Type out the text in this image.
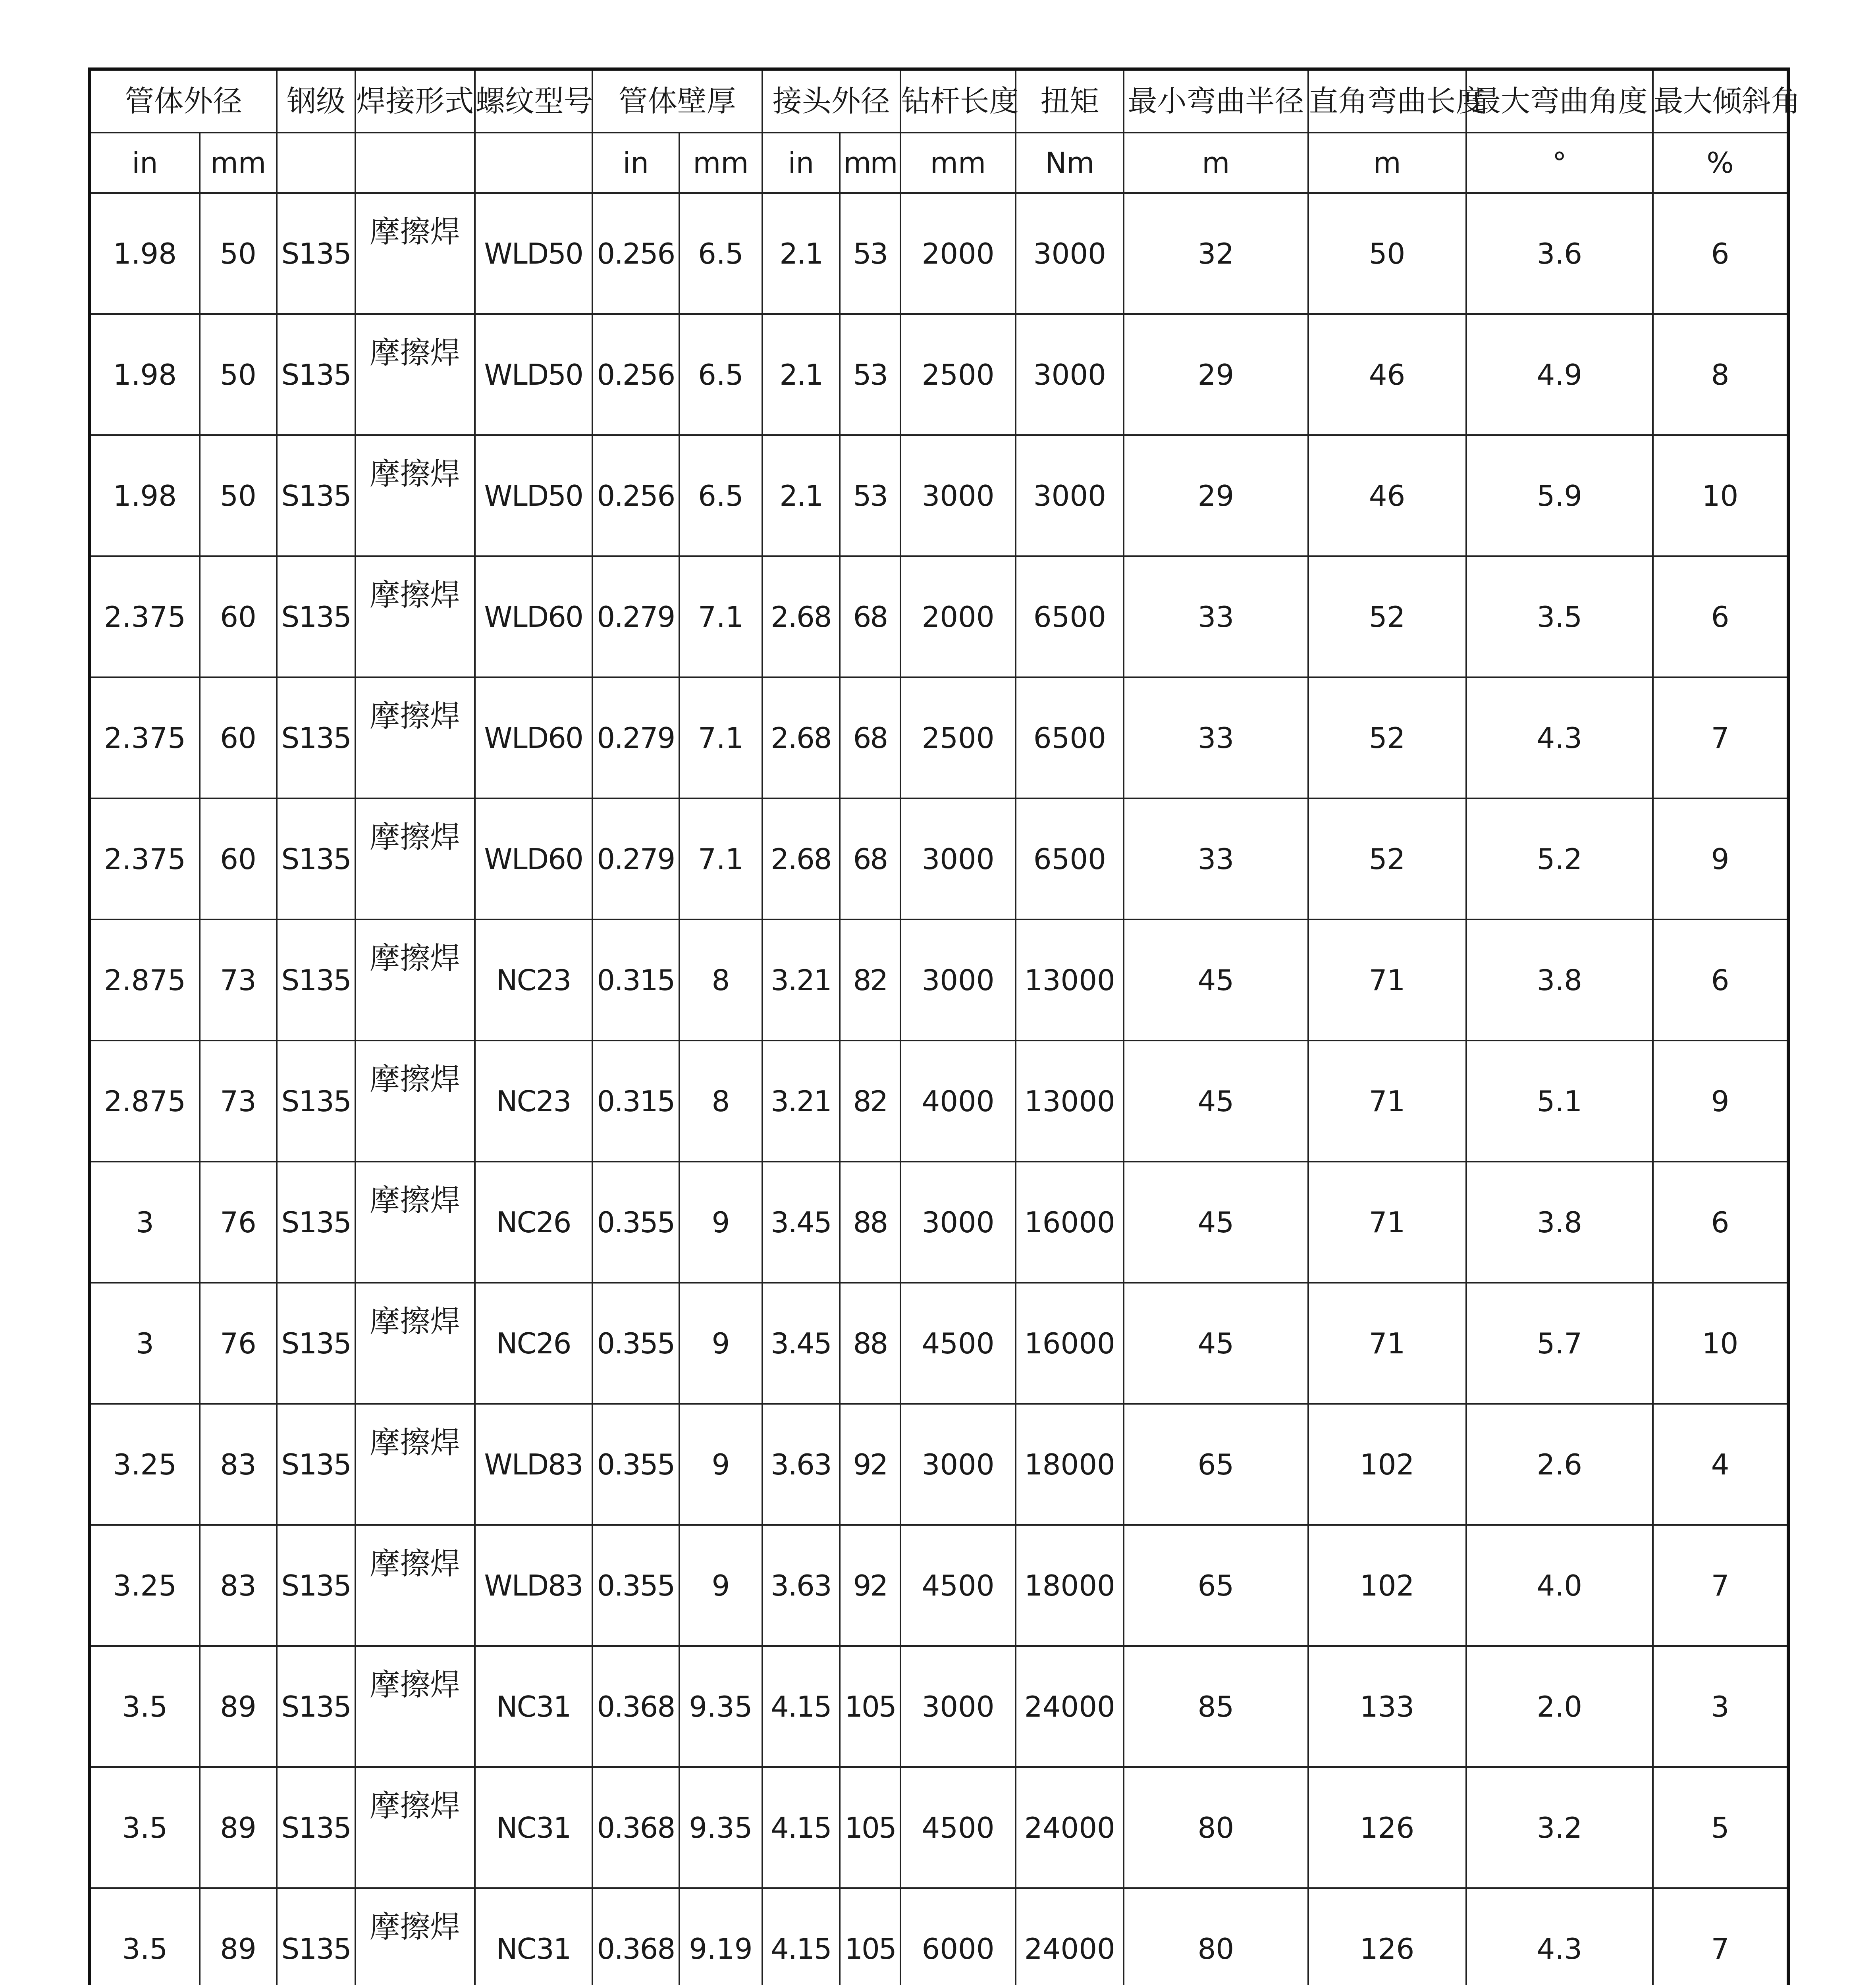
管体外径		钢级	焊接形式	螺纹型号	管体壁厚		接头外径		钻杆长度	扭矩	最小弯曲半径	直角弯曲长度	最大弯曲角度	最大倾斜角
in	mm				in	mm	in	mm	mm	Nm	m	m	°	%
1.98	50	S135	摩擦焊	WLD50	0.256	6.5	2.1	53	2000	3000	32	50	3.6	6
1.98	50	S135	摩擦焊	WLD50	0.256	6.5	2.1	53	2500	3000	29	46	4.9	8
1.98	50	S135	摩擦焊	WLD50	0.256	6.5	2.1	53	3000	3000	29	46	5.9	10
2.375	60	S135	摩擦焊	WLD60	0.279	7.1	2.68	68	2000	6500	33	52	3.5	6
2.375	60	S135	摩擦焊	WLD60	0.279	7.1	2.68	68	2500	6500	33	52	4.3	7
2.375	60	S135	摩擦焊	WLD60	0.279	7.1	2.68	68	3000	6500	33	52	5.2	9
2.875	73	S135	摩擦焊	NC23	0.315	8	3.21	82	3000	13000	45	71	3.8	6
2.875	73	S135	摩擦焊	NC23	0.315	8	3.21	82	4000	13000	45	71	5.1	9
3	76	S135	摩擦焊	NC26	0.355	9	3.45	88	3000	16000	45	71	3.8	6
3	76	S135	摩擦焊	NC26	0.355	9	3.45	88	4500	16000	45	71	5.7	10
3.25	83	S135	摩擦焊	WLD83	0.355	9	3.63	92	3000	18000	65	102	2.6	4
3.25	83	S135	摩擦焊	WLD83	0.355	9	3.63	92	4500	18000	65	102	4.0	7
3.5	89	S135	摩擦焊	NC31	0.368	9.35	4.15	105	3000	24000	85	133	2.0	3
3.5	89	S135	摩擦焊	NC31	0.368	9.35	4.15	105	4500	24000	80	126	3.2	5
3.5	89	S135	摩擦焊	NC31	0.368	9.19	4.15	105	6000	24000	80	126	4.3	7
